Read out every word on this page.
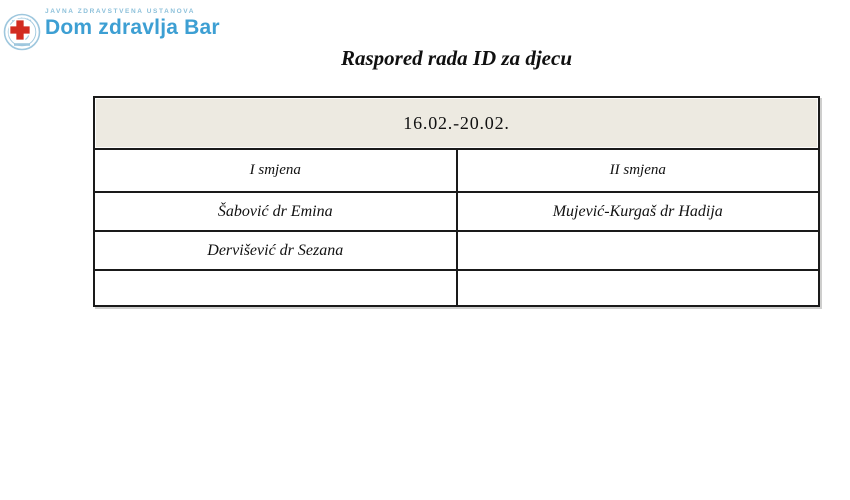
JAVNA ZDRAVSTVENA USTANOVA
Dom zdravlja Bar
Raspored rada ID za djecu
16.02.-20.02.	
I smjena	II smjena
Šabović dr Emina	Mujević-Kurgaš dr Hadija
Dervišević dr Sezana	
